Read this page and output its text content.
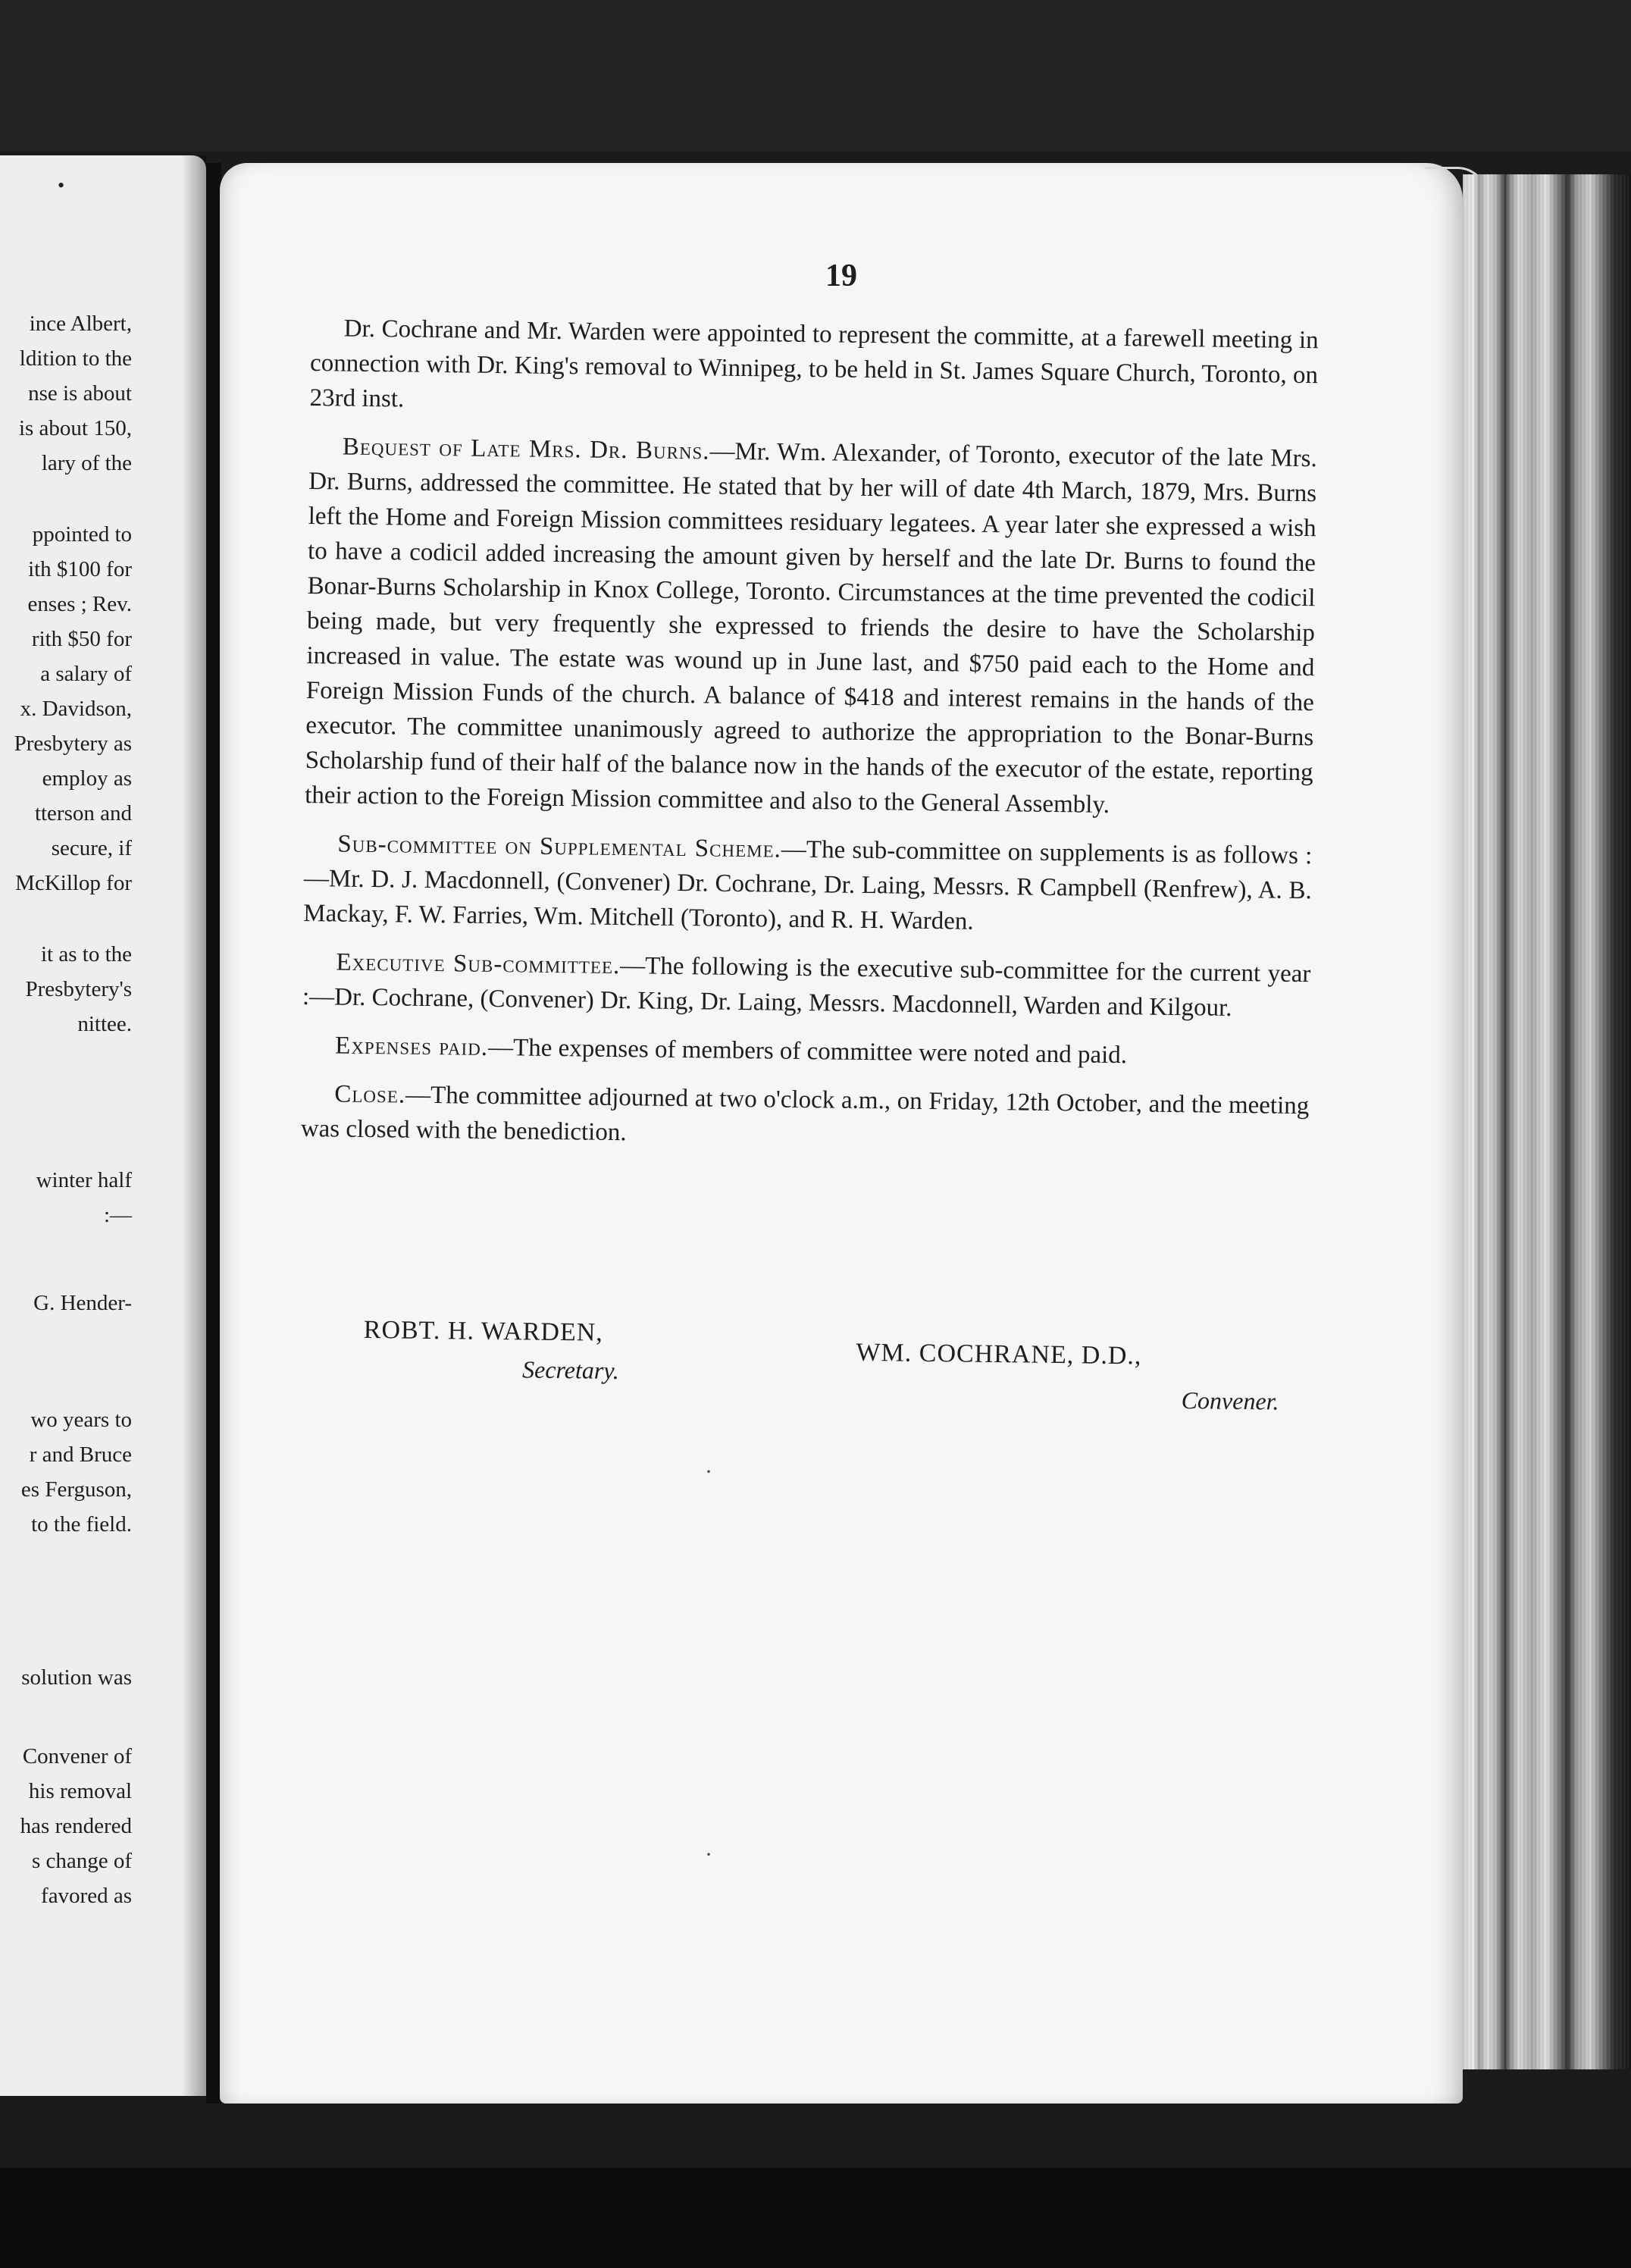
•

ince Albert,

ldition to the

nse is about

is about 150,

lary of the

ppointed to

ith $100 for

enses ; Rev.

rith $50 for

a salary of

x. Davidson,

Presbytery as

employ as

tterson and

secure, if

McKillop for

it as to the

Presbytery's

nittee.

winter half

:—

G. Hender-

wo years to

r and Bruce

es Ferguson,

to the field.

solution was

Convener of

his removal

has rendered

s change of

favored as

19

Dr. Cochrane and Mr. Warden were appointed to represent the committe, at a farewell meeting in connection with Dr. King's removal to Winnipeg, to be held in St. James Square Church, Toronto, on 23rd inst.

Bequest of Late Mrs. Dr. Burns.—Mr. Wm. Alexander, of Toronto, executor of the late Mrs. Dr. Burns, addressed the committee. He stated that by her will of date 4th March, 1879, Mrs. Burns left the Home and Foreign Mission committees residuary legatees. A year later she expressed a wish to have a codicil added increasing the amount given by herself and the late Dr. Burns to found the Bonar-Burns Scholarship in Knox College, Toronto. Circumstances at the time prevented the codicil being made, but very frequently she expressed to friends the desire to have the Scholarship increased in value. The estate was wound up in June last, and $750 paid each to the Home and Foreign Mission Funds of the church. A balance of $418 and interest remains in the hands of the executor. The committee unanimously agreed to authorize the appropriation to the Bonar-Burns Scholarship fund of their half of the balance now in the hands of the executor of the estate, reporting their action to the Foreign Mission committee and also to the General Assembly.

Sub-committee on Supplemental Scheme.—The sub-committee on supplements is as follows :—Mr. D. J. Macdonnell, (Convener) Dr. Cochrane, Dr. Laing, Messrs. R Campbell (Renfrew), A. B. Mackay, F. W. Farries, Wm. Mitchell (Toronto), and R. H. Warden.

Executive Sub-committee.—The following is the executive sub-committee for the current year :—Dr. Cochrane, (Convener) Dr. King, Dr. Laing, Messrs. Macdonnell, Warden and Kilgour.

Expenses paid.—The expenses of members of committee were noted and paid.

Close.—The committee adjourned at two o'clock a.m., on Friday, 12th October, and the meeting was closed with the benediction.

ROBT. H. WARDEN,

Secretary.	WM. COCHRANE, D.D.,

Convener.

·
·
